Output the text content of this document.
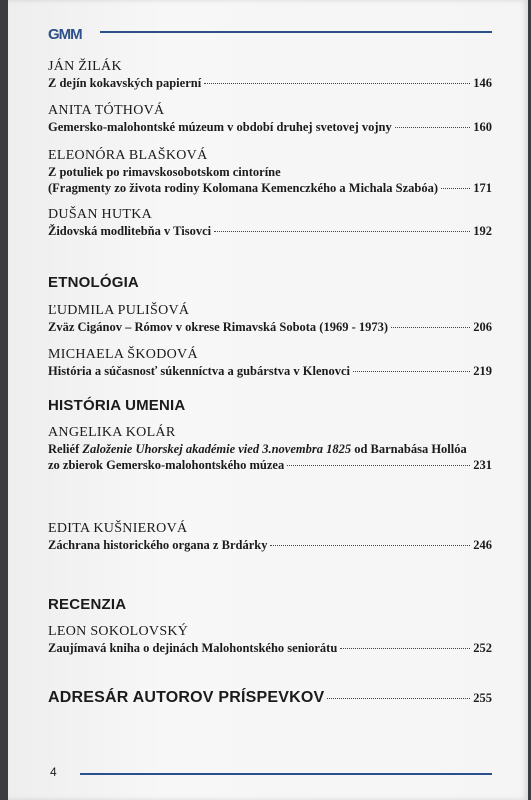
GMM
JÁN ŽILÁK
Z dejín kokavských papierní	146
ANITA TÓTHOVÁ
Gemersko-malohontské múzeum v období druhej svetovej vojny	160
ELEONÓRA BLAŠKOVÁ
Z potuliek po rimavskosobotskom cintoríne
(Fragmenty zo života rodiny Kolomana Kemenczkého a Michala Szabóa)	171
DUŠAN HUTKA
Židovská modlitebňa v Tisovci	192
ETNOLÓGIA
ĽUDMILA PULIŠOVÁ
Zväz Cigánov – Rómov v okrese Rimavská Sobota (1969 - 1973)	206
MICHAELA ŠKODOVÁ
História a súčasnosť súkenníctva a gubárstva v Klenovci	219
HISTÓRIA UMENIA
ANGELIKA KOLÁR
Reliéf Založenie Uhorskej akadémie vied 3.novembra 1825 od Barnabása Hollóa
zo zbierok Gemersko-malohontského múzea	231
EDITA KUŠNIEROVÁ
Záchrana historického organa z Brdárky	246
RECENZIA
LEON SOKOLOVSKÝ
Zaujímavá kniha o dejinách Malohontského seniorátu	252
ADRESÁR AUTOROV PRÍSPEVKOV	255
4
